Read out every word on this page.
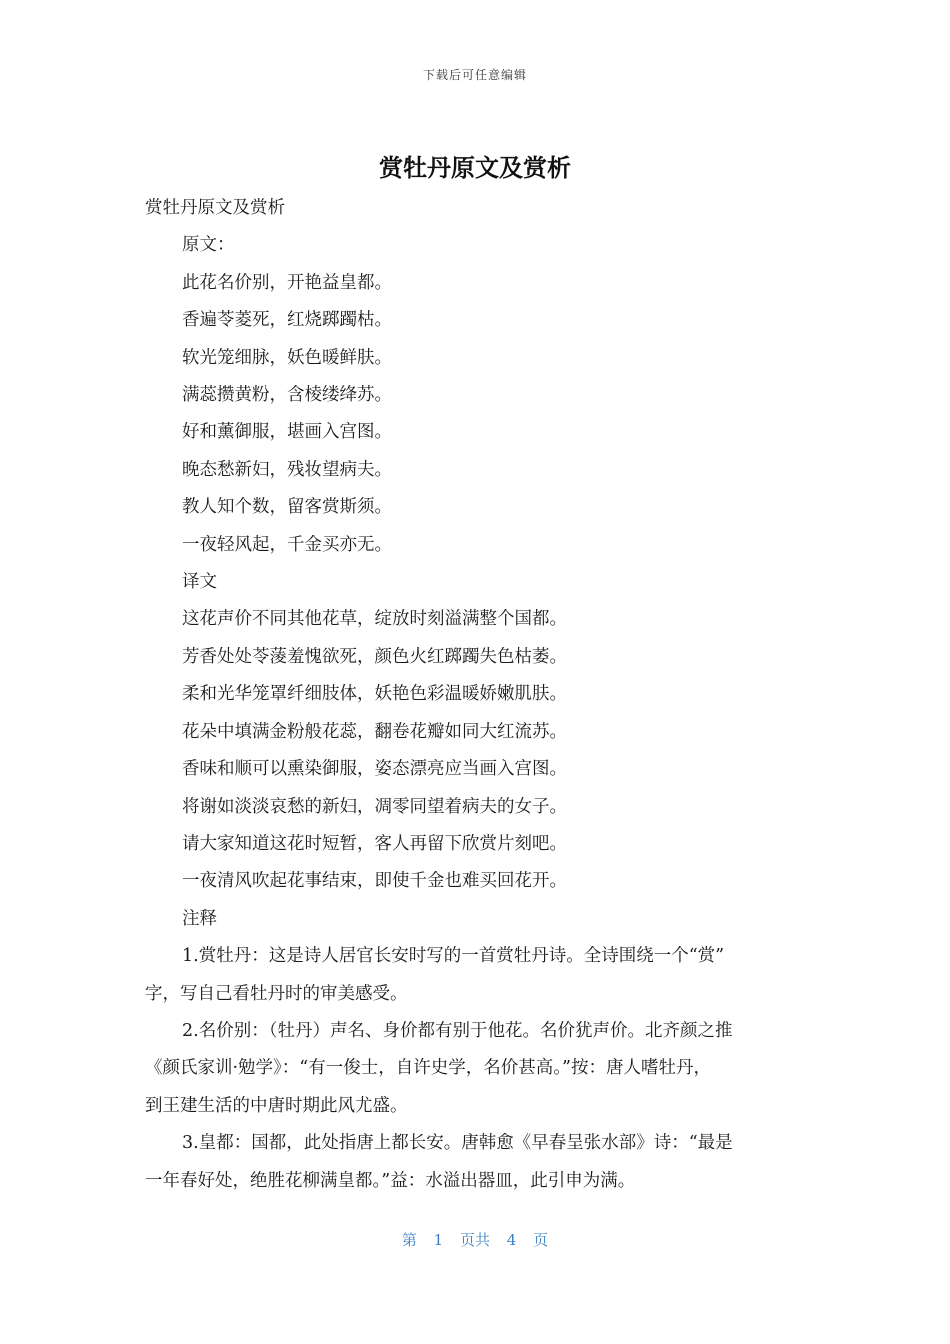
下载后可任意编辑
赏牡丹原文及赏析

赏牡丹原文及赏析

原文：

此花名价别，开艳益皇都。

香遍苓菱死，红烧踯躅枯。

软光笼细脉，妖色暖鲜肤。

满蕊攒黄粉，含棱缕绛苏。

好和薰御服，堪画入宫图。

晚态愁新妇，残妆望病夫。

教人知个数，留客赏斯须。

一夜轻风起，千金买亦无。

译文

这花声价不同其他花草，绽放时刻溢满整个国都。

芳香处处苓蔆羞愧欲死，颜色火红踯躅失色枯萎。

柔和光华笼罩纤细肢体，妖艳色彩温暖娇嫩肌肤。

花朵中填满金粉般花蕊，翻卷花瓣如同大红流苏。

香味和顺可以熏染御服，姿态漂亮应当画入宫图。

将谢如淡淡哀愁的新妇，凋零同望着病夫的女子。

请大家知道这花时短暂，客人再留下欣赏片刻吧。

一夜清风吹起花事结束，即使千金也难买回花开。

注释

1.赏牡丹：这是诗人居官长安时写的一首赏牡丹诗。全诗围绕一个“赏”

字，写自己看牡丹时的审美感受。

2.名价别：（牡丹）声名、身价都有别于他花。名价犹声价。北齐颜之推

《颜氏家训·勉学》：“有一俊士，自许史学，名价甚高。”按：唐人嗜牡丹，

到王建生活的中唐时期此风尤盛。

3.皇都：国都，此处指唐上都长安。唐韩愈《早春呈张水部》诗：“最是

一年春好处，绝胜花柳满皇都。”益：水溢出器皿，此引申为满。

第 1 页共 4 页
